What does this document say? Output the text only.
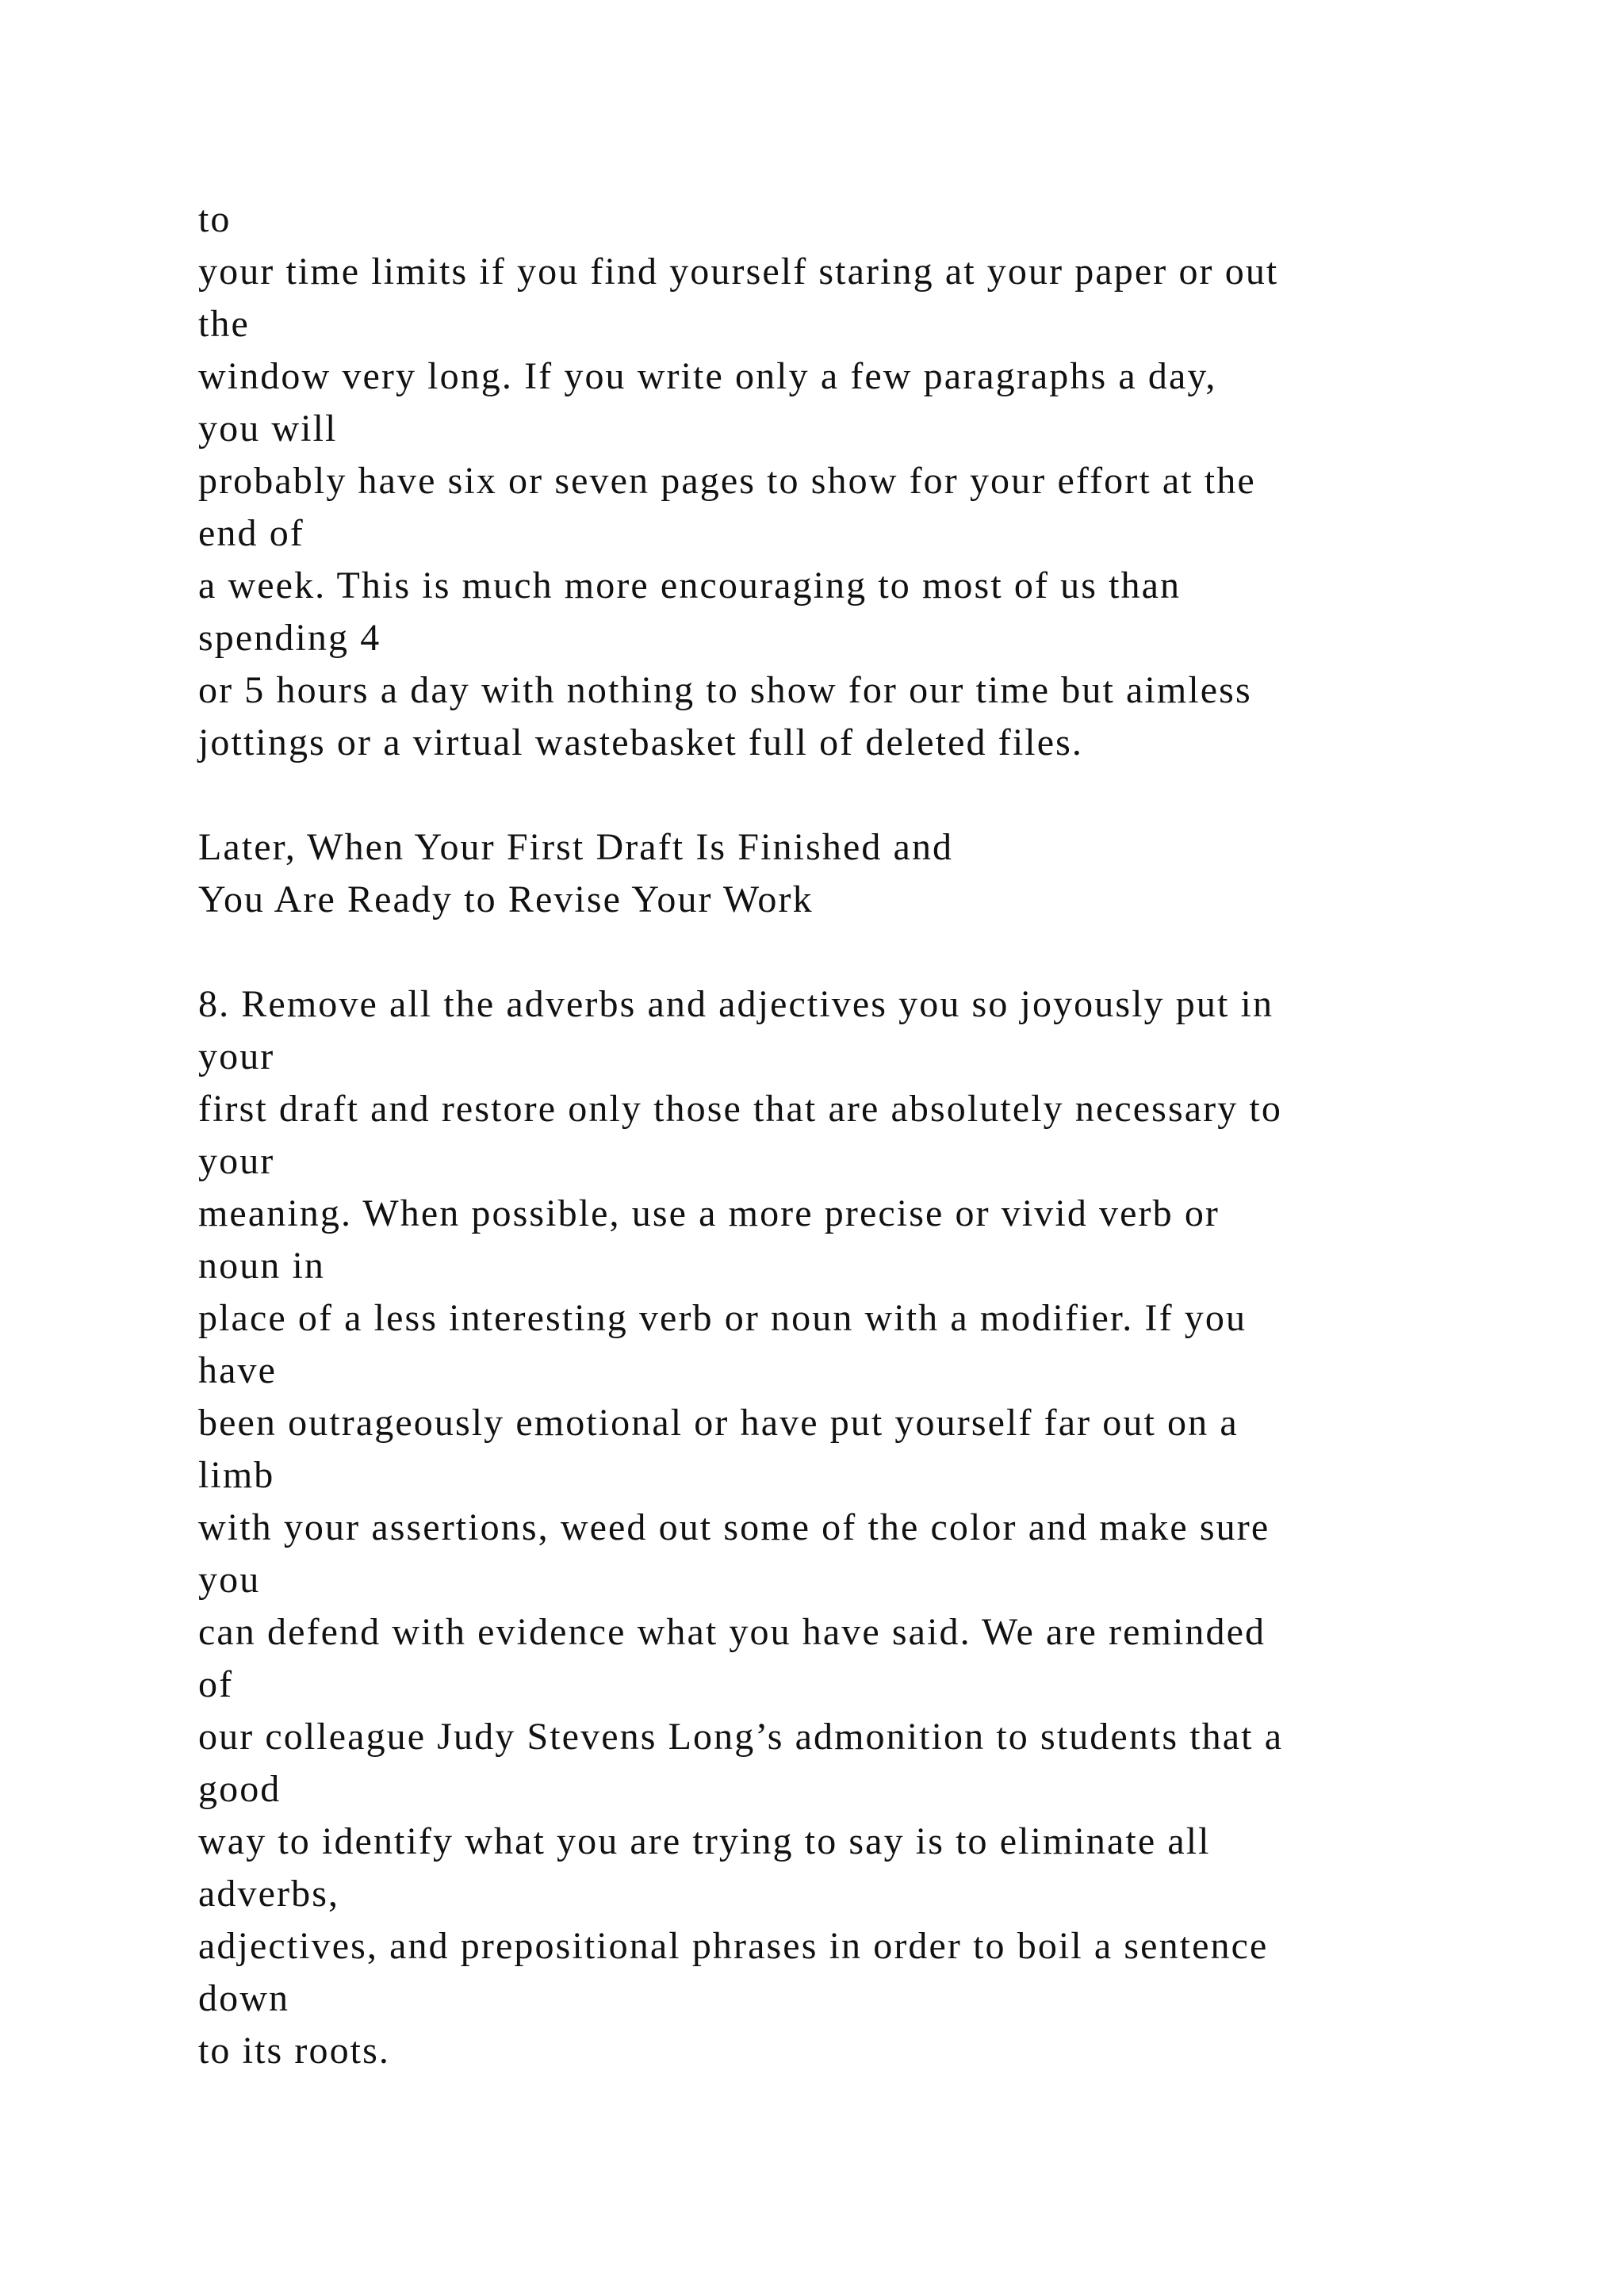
to
your time limits if you find yourself staring at your paper or out
the
window very long. If you write only a few paragraphs a day,
you will
probably have six or seven pages to show for your effort at the
end of
a week. This is much more encouraging to most of us than
spending 4
or 5 hours a day with nothing to show for our time but aimless
jottings or a virtual wastebasket full of deleted files.
Later, When Your First Draft Is Finished and
You Are Ready to Revise Your Work
8. Remove all the adverbs and adjectives you so joyously put in
your
first draft and restore only those that are absolutely necessary to
your
meaning. When possible, use a more precise or vivid verb or
noun in
place of a less interesting verb or noun with a modifier. If you
have
been outrageously emotional or have put yourself far out on a
limb
with your assertions, weed out some of the color and make sure
you
can defend with evidence what you have said. We are reminded
of
our colleague Judy Stevens Long’s admonition to students that a
good
way to identify what you are trying to say is to eliminate all
adverbs,
adjectives, and prepositional phrases in order to boil a sentence
down
to its roots.
